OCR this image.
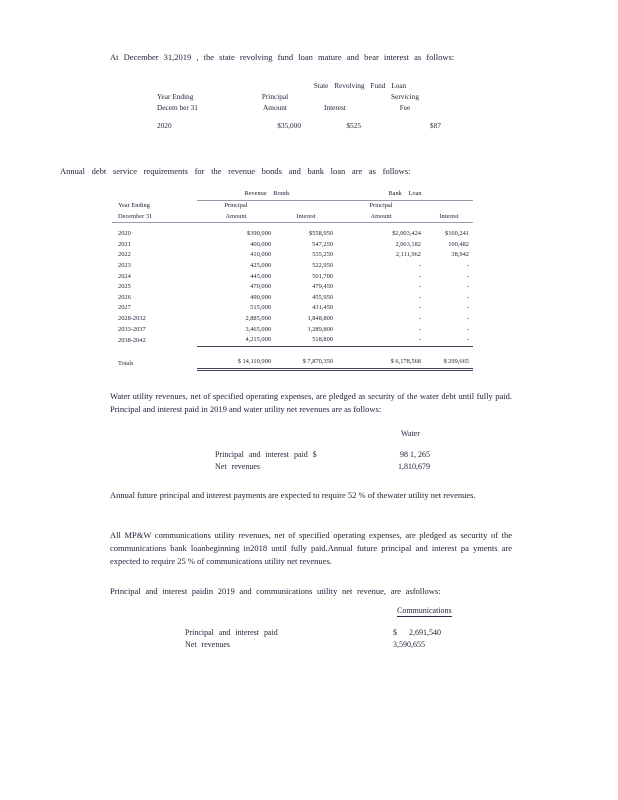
At December 31,2019 , the state revolving fund loan mature and bear interest as follows:

	State Revolving Fund Loan		
Year Ending	Principal		Servicing
Decem ber 31	Amount	Interest	Fee
2020	$35,000	$525	$87

Annual debt service requirements for the revenue bonds and bank loan are as follows:

	Revenue Bonds		Bank Loan	
Year Ending	Principal		Principal	
December 31	Amount	Interest	Amount	Interest

2020	$390,000	$558,950	$2,003,424	$160,241
2021	400,000	547,250	2,063,182	100,482
2022	410,000	535,250	2,111,962	38,942
2023	425,000	522,950	-	-
2024	445,000	501,700	-	-
2025	470,000	479,450	-	-
2026	490,000	455,950	-	-
2027	515,000	431,450	-	-
2028-2032	2,885,000	1,848,800	-	-
2033-2037	3,465,000	1,289,800	-	-
2038-2042	4,215,000	518,800	-	-

Totals	$ 14,110,000	$ 7,870,350	$ 6,178,568	$ 299,665

Water utility revenues, net of specified operating expenses, are pledged as security of the water debt until fully paid. Principal and interest paid in 2019 and water utility net revenues are as follows:

Water
Principal and interest paid $	98 1, 265
Net revenues	1,810,679

Annual future principal and interest payments are expected to require 52 % of thewater utility net revenues.

All MP&W communications utility revenues, net of specified operating expenses, are pledged as security of the communications bank loanbeginning in2018 until fully paid.Annual future principal and interest pa yments are expected to require 25 % of communications utility net revenues.

Principal and interest paidin 2019 and communications utility net revenue, are asfollows:

Communications
Principal and interest paid	$      2,691,540
Net revenues	3,590,655
